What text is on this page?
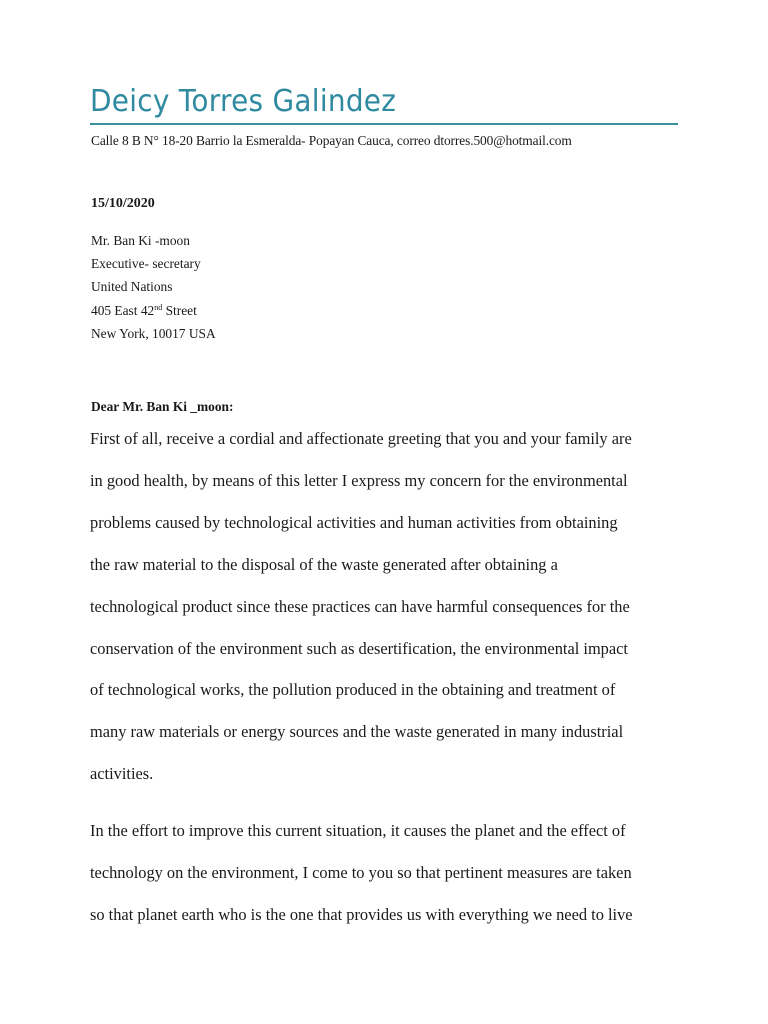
Deicy Torres Galindez
Calle 8 B N° 18-20 Barrio la Esmeralda- Popayan Cauca, correo dtorres.500@hotmail.com
15/10/2020
Mr. Ban Ki -moon
Executive- secretary
United Nations
405 East 42nd Street
New York, 10017 USA
Dear Mr. Ban Ki _moon:
First of all, receive a cordial and affectionate greeting that you and your family are
in good health, by means of this letter I express my concern for the environmental
problems caused by technological activities and human activities from obtaining
the raw material to the disposal of the waste generated after obtaining a
technological product since these practices can have harmful consequences for the
conservation of the environment such as desertification, the environmental impact
of technological works, the pollution produced in the obtaining and treatment of
many raw materials or energy sources and the waste generated in many industrial
activities.
In the effort to improve this current situation, it causes the planet and the effect of
technology on the environment, I come to you so that pertinent measures are taken
so that planet earth who is the one that provides us with everything we need to live
